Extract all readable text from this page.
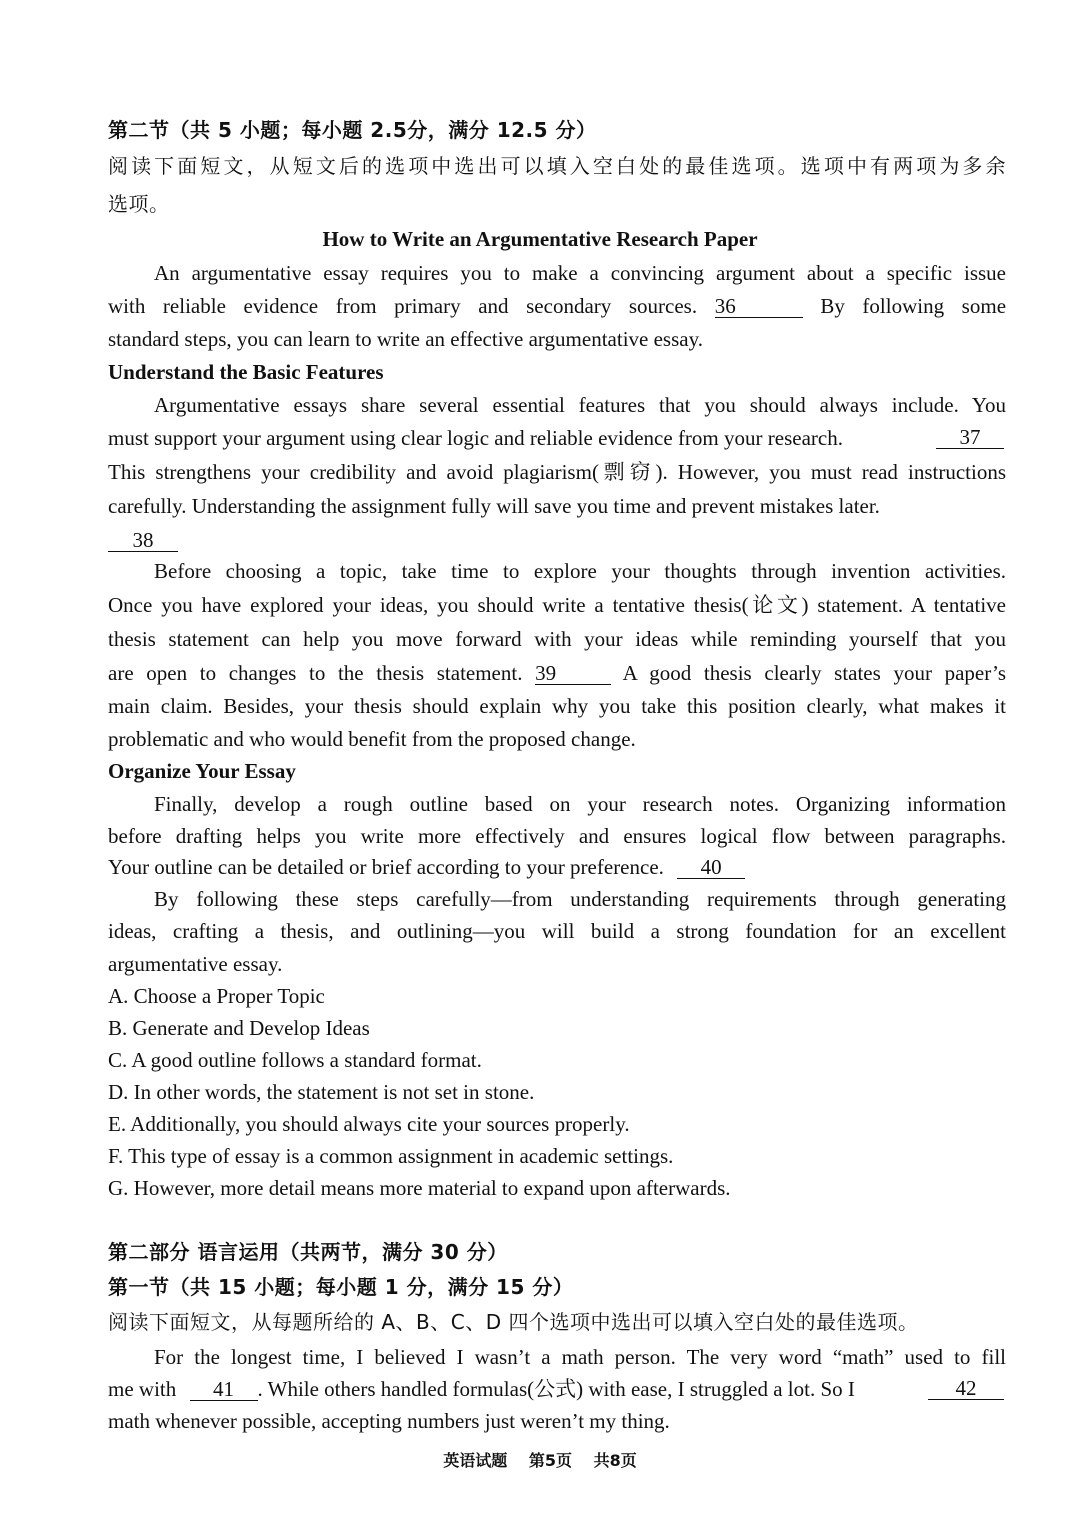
第二节（共 5 小题；每小题 2.5分，满分 12.5 分）
阅读下面短文，从短文后的选项中选出可以填入空白处的最佳选项。选项中有两项为多余
选项。
How to Write an Argumentative Research Paper
An argumentative essay requires you to make a convincing argument about a specific issue
with reliable evidence from primary and secondary sources. 36	By following some
standard steps, you can learn to write an effective argumentative essay.
Understand the Basic Features
Argumentative essays share several essential features that you should always include. You
must support your argument using clear logic and reliable evidence from your research.	37
This strengthens your credibility and avoid plagiarism(剽窃). However, you must read instructions
carefully. Understanding the assignment fully will save you time and prevent mistakes later.
38
Before choosing a topic, take time to explore your thoughts through invention activities.
Once you have explored your ideas, you should write a tentative thesis(论文) statement. A tentative
thesis statement can help you move forward with your ideas while reminding yourself that you
are open to changes to the thesis statement. 39	A good thesis clearly states your paper’s
main claim. Besides, your thesis should explain why you take this position clearly, what makes it
problematic and who would benefit from the proposed change.
Organize Your Essay
Finally, develop a rough outline based on your research notes. Organizing information
before drafting helps you write more effectively and ensures logical flow between paragraphs.
Your outline can be detailed or brief according to your preference. 40
By following these steps carefully—from understanding requirements through generating
ideas, crafting a thesis, and outlining—you will build a strong foundation for an excellent
argumentative essay.
A. Choose a Proper Topic
B. Generate and Develop Ideas
C. A good outline follows a standard format.
D. In other words, the statement is not set in stone.
E. Additionally, you should always cite your sources properly.
F. This type of essay is a common assignment in academic settings.
G. However, more detail means more material to expand upon afterwards.
第二部分 语言运用（共两节，满分 30 分）
第一节（共 15 小题；每小题 1 分，满分 15 分）
阅读下面短文，从每题所给的 A、B、C、D 四个选项中选出可以填入空白处的最佳选项。
For the longest time, I believed I wasn’t a math person. The very word “math” used to fill
me with 41 . While others handled formulas(公式) with ease, I struggled a lot. So I	42
math whenever possible, accepting numbers just weren’t my thing.
英语试题 第5页 共8页
